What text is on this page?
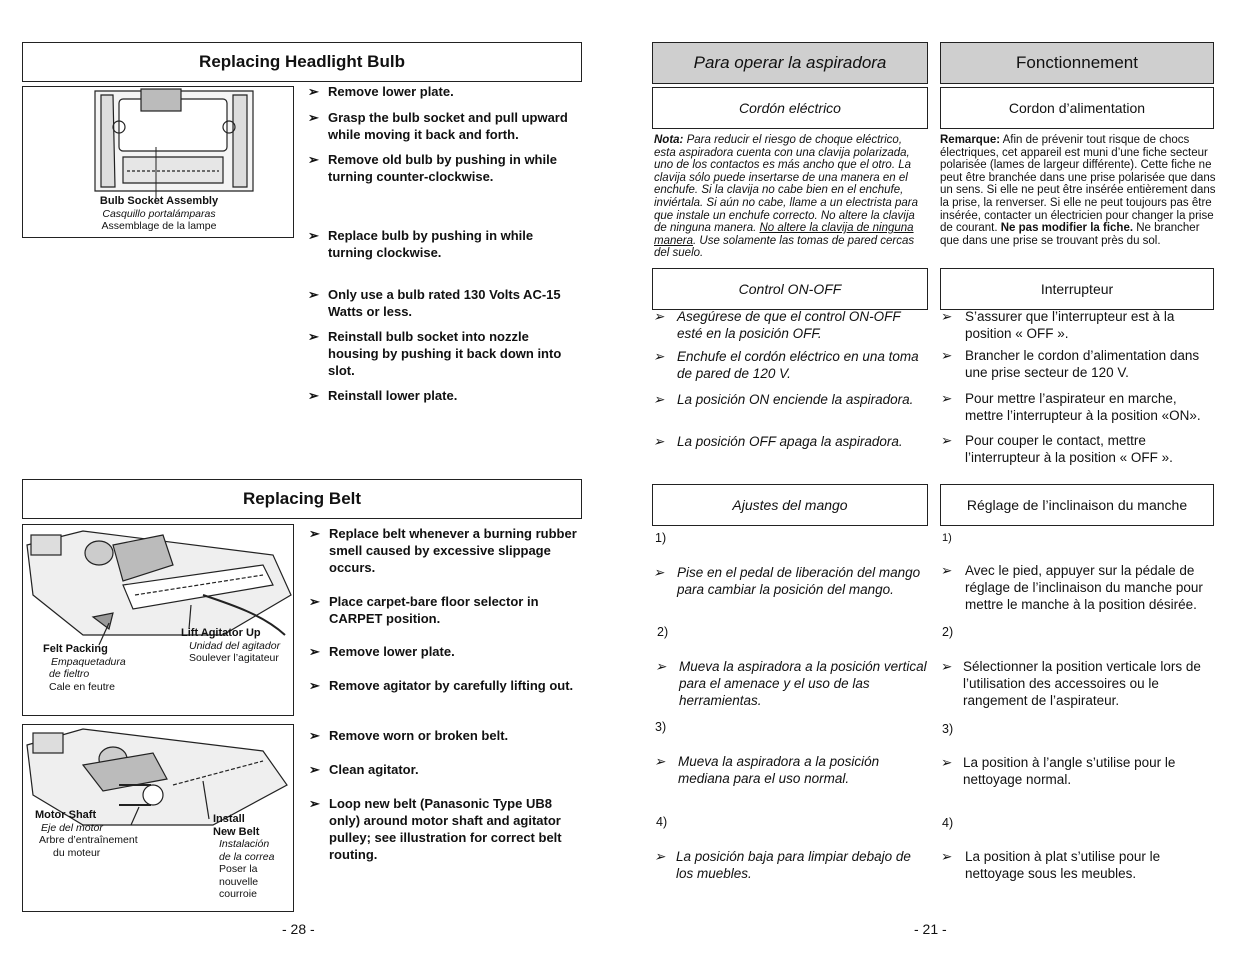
Replacing Headlight Bulb
Bulb Socket Assembly
Casquillo portalámparas
Assemblage de la lampe
➢ Remove lower plate.
➢ Grasp the bulb socket and pull upward while moving it back and forth.
➢ Remove old bulb by pushing in while turning counter-clockwise.
➢ Replace bulb by pushing in while turning clockwise.
➢ Only use a bulb rated 130 Volts AC-15 Watts or less.
➢ Reinstall bulb socket into nozzle housing by pushing it back down into slot.
➢ Reinstall lower plate.
Replacing Belt
Felt Packing
Empaquetadura
de fieltro
Cale en feutre
Lift Agitator Up
Unidad del agitador
Soulever l’agitateur
Motor Shaft
Eje del motor
Arbre d’entraînement
du moteur
Install
New Belt
Instalación
de la correa
Poser la
nouvelle
courroie
➢ Replace belt whenever a burning rubber smell caused by excessive slippage occurs.
➢ Place carpet-bare floor selector in CARPET position.
➢ Remove lower plate.
➢ Remove agitator by carefully lifting out.
➢ Remove worn or broken belt.
➢ Clean agitator.
➢ Loop new belt (Panasonic Type UB8 only) around motor shaft and agitator pulley; see illustration for correct belt routing.
- 28 -
Para operar la aspiradora
Cordón eléctrico
Nota: Para reducir el riesgo de choque eléctrico, esta aspiradora cuenta con una clavija polarizada, uno de los contactos es más ancho que el otro. La clavija sólo puede insertarse de una manera en el enchufe. Si la clavija no cabe bien en el enchufe, inviértala. Si aún no cabe, llame a un electrista para que instale un enchufe correcto. No altere la clavija de ninguna manera. No altere la clavija de ninguna manera. Use solamente las tomas de pared cercas del suelo.
Control ON-OFF
➢ Asegúrese de que el control ON-OFF esté en la posición OFF.
➢ Enchufe el cordón eléctrico en una toma de pared de 120 V.
➢ La posición ON enciende la aspiradora.
➢ La posición OFF apaga la aspiradora.
Ajustes del mango
1)
➢ Pise en el pedal de liberación del mango para cambiar la posición del mango.
2)
➢ Mueva la aspiradora a la posición vertical para el amenace y el uso de las herramientas.
3)
➢ Mueva la aspiradora a la posición mediana para el uso normal.
4)
➢ La posición baja para limpiar debajo de los muebles.
Fonctionnement
Cordon d’alimentation
Remarque: Afin de prévenir tout risque de chocs électriques, cet appareil est muni d’une fiche secteur polarisée (lames de largeur différente). Cette fiche ne peut être branchée dans une prise polarisée que dans un sens. Si elle ne peut être insérée entièrement dans la prise, la renverser. Si elle ne peut toujours pas être insérée, contacter un électricien pour changer la prise de courant. Ne pas modifier la fiche. Ne brancher que dans une prise se trouvant près du sol.
Interrupteur
➢ S’assurer que l’interrupteur est à la position « OFF ».
➢ Brancher le cordon d’alimentation dans une prise secteur de 120 V.
➢ Pour mettre l’aspirateur en marche, mettre l’interrupteur à la position «ON».
➢ Pour couper le contact, mettre l’interrupteur à la position « OFF ».
Réglage de l’inclinaison du manche
1)
➢ Avec le pied, appuyer sur la pédale de réglage de l’inclinaison du manche pour mettre le manche à la position désirée.
2)
➢ Sélectionner la position verticale lors de l’utilisation des accessoires ou le rangement de l’aspirateur.
3)
➢ La position à l’angle s’utilise pour le nettoyage normal.
4)
➢ La position à plat s’utilise pour le nettoyage sous les meubles.
- 21 -
